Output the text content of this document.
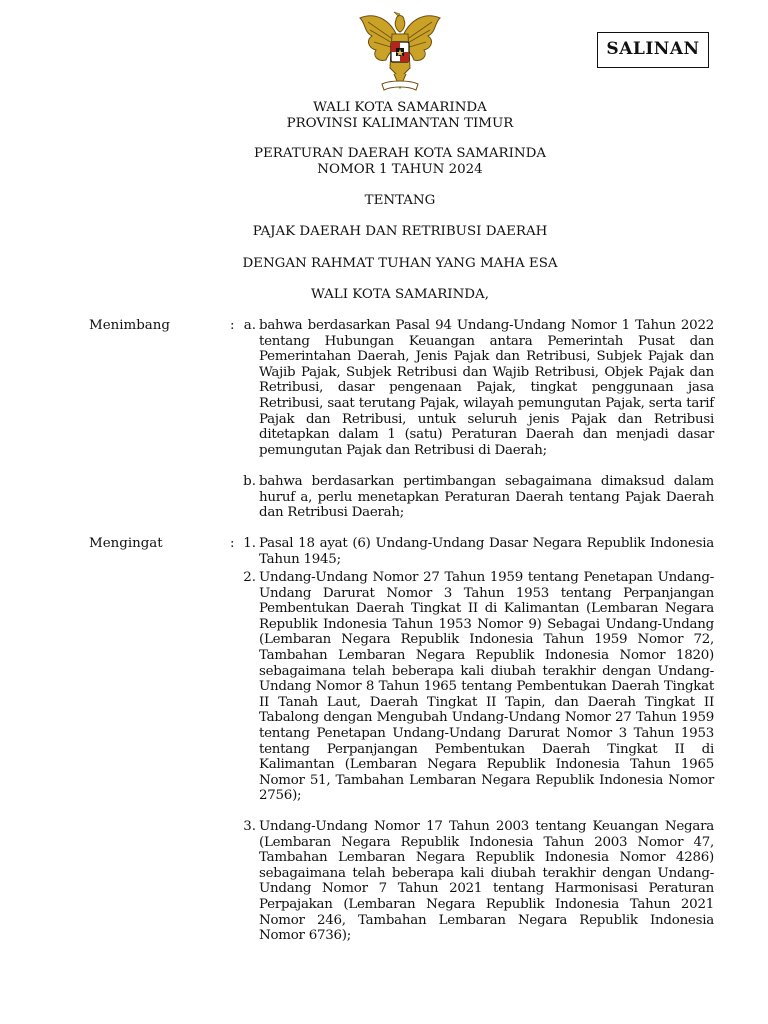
SALINAN
WALI KOTA SAMARINDA
PROVINSI KALIMANTAN TIMUR
PERATURAN DAERAH KOTA SAMARINDA
NOMOR 1 TAHUN 2024
TENTANG
PAJAK DAERAH DAN RETRIBUSI DAERAH
DENGAN RAHMAT TUHAN YANG MAHA ESA
WALI KOTA SAMARINDA,
Menimbang	: a. bahwa berdasarkan Pasal 94 Undang-Undang Nomor 1 Tahun 2022 tentang Hubungan Keuangan antara Pemerintah Pusat dan Pemerintahan Daerah, Jenis Pajak dan Retribusi, Subjek Pajak dan Wajib Pajak, Subjek Retribusi dan Wajib Retribusi, Objek Pajak dan Retribusi, dasar pengenaan Pajak, tingkat penggunaan jasa Retribusi, saat terutang Pajak, wilayah pemungutan Pajak, serta tarif Pajak dan Retribusi, untuk seluruh jenis Pajak dan Retribusi ditetapkan dalam 1 (satu) Peraturan Daerah dan menjadi dasar pemungutan Pajak dan Retribusi di Daerah;
b. bahwa berdasarkan pertimbangan sebagaimana dimaksud dalam huruf a, perlu menetapkan Peraturan Daerah tentang Pajak Daerah dan Retribusi Daerah;
Mengingat	: 1. Pasal 18 ayat (6) Undang-Undang Dasar Negara Republik Indonesia Tahun 1945;
2. Undang-Undang Nomor 27 Tahun 1959 tentang Penetapan Undang-Undang Darurat Nomor 3 Tahun 1953 tentang Perpanjangan Pembentukan Daerah Tingkat II di Kalimantan (Lembaran Negara Republik Indonesia Tahun 1953 Nomor 9) Sebagai Undang-Undang (Lembaran Negara Republik Indonesia Tahun 1959 Nomor 72, Tambahan Lembaran Negara Republik Indonesia Nomor 1820) sebagaimana telah beberapa kali diubah terakhir dengan Undang-Undang Nomor 8 Tahun 1965 tentang Pembentukan Daerah Tingkat II Tanah Laut, Daerah Tingkat II Tapin, dan Daerah Tingkat II Tabalong dengan Mengubah Undang-Undang Nomor 27 Tahun 1959 tentang Penetapan Undang-Undang Darurat Nomor 3 Tahun 1953 tentang Perpanjangan Pembentukan Daerah Tingkat II di Kalimantan (Lembaran Negara Republik Indonesia Tahun 1965 Nomor 51, Tambahan Lembaran Negara Republik Indonesia Nomor 2756);
3. Undang-Undang Nomor 17 Tahun 2003 tentang Keuangan Negara (Lembaran Negara Republik Indonesia Tahun 2003 Nomor 47, Tambahan Lembaran Negara Republik Indonesia Nomor 4286) sebagaimana telah beberapa kali diubah terakhir dengan Undang-Undang Nomor 7 Tahun 2021 tentang Harmonisasi Peraturan Perpajakan (Lembaran Negara Republik Indonesia Tahun 2021 Nomor 246, Tambahan Lembaran Negara Republik Indonesia Nomor 6736);
